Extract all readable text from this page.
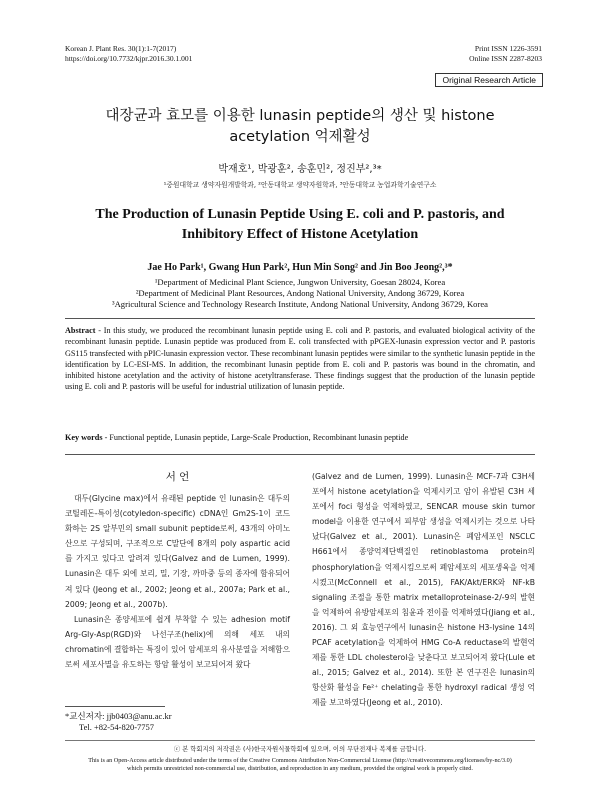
Korean J. Plant Res. 30(1):1-7(2017)
https://doi.org/10.7732/kjpr.2016.30.1.001
Print ISSN 1226-3591
Online ISSN 2287-8203
Original Research Article
대장균과 효모를 이용한 lunasin peptide의 생산 및 histone
acetylation 억제활성
박재호¹, 박광훈², 송훈민², 정진부²,³*
¹중원대학교 생약자원개발학과, ²안동대학교 생약자원학과, ³안동대학교 농업과학기술연구소
The Production of Lunasin Peptide Using E. coli and P. pastoris, and
Inhibitory Effect of Histone Acetylation
Jae Ho Park¹, Gwang Hun Park², Hun Min Song² and Jin Boo Jeong²,³*
¹Department of Medicinal Plant Science, Jungwon University, Goesan 28024, Korea
²Department of Medicinal Plant Resources, Andong National University, Andong 36729, Korea
³Agricultural Science and Technology Research Institute, Andong National University, Andong 36729, Korea
Abstract - In this study, we produced the recombinant lunasin peptide using E. coli and P. pastoris, and evaluated biological activity of the recombinant lunasin peptide. Lunasin peptide was produced from E. coli transfected with pPGEX-lunasin expression vector and P. pastoris GS115 transfected with pPIC-lunasin expression vector. These recombinant lunasin peptides were similar to the synthetic lunasin peptide in the identification by LC-ESI-MS. In addition, the recombinant lunasin peptide from E. coli and P. pastoris was bound in the chromatin, and inhibited histone acetylation and the activity of histone acetyltransferase. These findings suggest that the production of the lunasin peptide using E. coli and P. pastoris will be useful for industrial utilization of lunasin peptide.
Key words - Functional peptide, Lunasin peptide, Large-Scale Production, Recombinant lunasin peptide
서 언

대두(Glycine max)에서 유래된 peptide 인 lunasin은 대두의 코틸레돈-특이성(cotyledon-specific) cDNA인 Gm2S-1이 코드화하는 2S 알부민의 small subunit peptide로써, 43개의 아미노산으로 구성되며, 구조적으로 C말단에 8개의 poly aspartic acid를 가지고 있다고 알려져 있다(Galvez and de Lumen, 1999). Lunasin은 대두 외에 보리, 밀, 기장, 까마중 등의 종자에 함유되어져 있다 (Jeong et al., 2002; Jeong et al., 2007a; Park et al., 2009; Jeong et al., 2007b).

Lunasin은 종양세포에 쉽게 부착할 수 있는 adhesion motif Arg-Gly-Asp(RGD)와 나선구조(helix)에 의해 세포 내의 chromatin에 결합하는 특징이 있어 암세포의 유사분열을 저해함으로써 세포사멸을 유도하는 항암 활성이 보고되어져 왔다

(Galvez and de Lumen, 1999). Lunasin은 MCF-7과 C3H세포에서 histone acetylation을 억제시키고 암이 유발된 C3H 세포에서 foci 형성을 억제하였고, SENCAR mouse skin tumor model을 이용한 연구에서 피부암 생성을 억제시키는 것으로 나타났다(Galvez et al., 2001). Lunasin은 폐암세포인 NSCLC H661에서 종양억제단백질인 retinoblastoma protein의 phosphorylation을 억제시킴으로써 폐암세포의 세포생육을 억제시켰고(McConnell et al., 2015), FAK/Akt/ERK와 NF-kB signaling 조절을 통한 matrix metalloproteinase-2/-9의 발현을 억제하여 유방암세포의 침윤과 전이를 억제하였다(Jiang et al., 2016). 그 외 효능연구에서 lunasin은 histone H3-lysine 14의 PCAF acetylation을 억제하여 HMG Co-A reductase의 발현억제를 통한 LDL cholesterol을 낮춘다고 보고되어져 왔다(Lule et al., 2015; Galvez et al., 2014). 또한 본 연구진은 lunasin의 항산화 활성을 Fe²⁺ chelating을 통한 hydroxyl radical 생성 억제를 보고하였다(Jeong et al., 2010).

*교신저자: jjb0403@anu.ac.kr
Tel. +82-54-820-7757
ⓒ 본 학회지의 저작권은 (사)한국자원식물학회에 있으며, 이의 무단전재나 복제를 금합니다.
This is an Open-Access article distributed under the terms of the Creative Commons Attribution Non-Commercial License (http://creativecommons.org/licenses/by-nc/3.0)
which permits unrestricted non-commercial use, distribution, and reproduction in any medium, provided the original work is properly cited.
